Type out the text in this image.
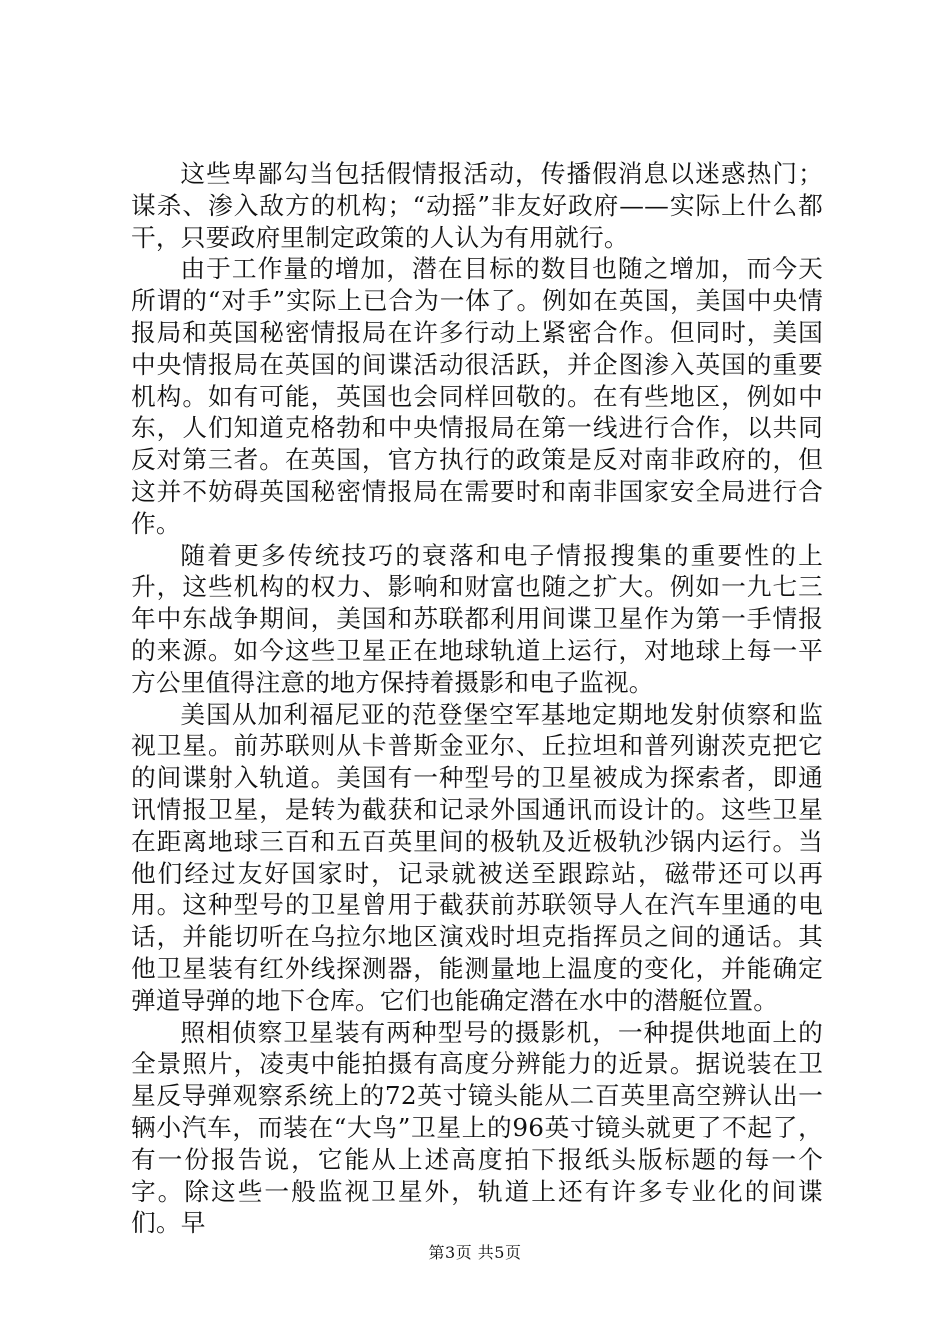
这些卑鄙勾当包括假情报活动，传播假消息以迷惑热门；谋杀、渗入敌方的机构；“动摇”非友好政府——实际上什么都干，只要政府里制定政策的人认为有用就行。

由于工作量的增加，潜在目标的数目也随之增加，而今天所谓的“对手”实际上已合为一体了。例如在英国，美国中央情报局和英国秘密情报局在许多行动上紧密合作。但同时，美国中央情报局在英国的间谍活动很活跃，并企图渗入英国的重要机构。如有可能，英国也会同样回敬的。在有些地区，例如中东，人们知道克格勃和中央情报局在第一线进行合作，以共同反对第三者。在英国，官方执行的政策是反对南非政府的，但这并不妨碍英国秘密情报局在需要时和南非国家安全局进行合作。

随着更多传统技巧的衰落和电子情报搜集的重要性的上升，这些机构的权力、影响和财富也随之扩大。例如一九七三年中东战争期间，美国和苏联都利用间谍卫星作为第一手情报的来源。如今这些卫星正在地球轨道上运行，对地球上每一平方公里值得注意的地方保持着摄影和电子监视。

美国从加利福尼亚的范登堡空军基地定期地发射侦察和监视卫星。前苏联则从卡普斯金亚尔、丘拉坦和普列谢茨克把它的间谍射入轨道。美国有一种型号的卫星被成为探索者，即通讯情报卫星，是转为截获和记录外国通讯而设计的。这些卫星在距离地球三百和五百英里间的极轨及近极轨沙锅内运行。当他们经过友好国家时，记录就被送至跟踪站，磁带还可以再用。这种型号的卫星曾用于截获前苏联领导人在汽车里通的电话，并能切听在乌拉尔地区演戏时坦克指挥员之间的通话。其他卫星装有红外线探测器，能测量地上温度的变化，并能确定弹道导弹的地下仓库。它们也能确定潜在水中的潜艇位置。

照相侦察卫星装有两种型号的摄影机，一种提供地面上的全景照片，凌夷中能拍摄有高度分辨能力的近景。据说装在卫星反导弹观察系统上的72英寸镜头能从二百英里高空辨认出一辆小汽车，而装在“大鸟”卫星上的96英寸镜头就更了不起了，有一份报告说，它能从上述高度拍下报纸头版标题的每一个字。除这些一般监视卫星外，轨道上还有许多专业化的间谍们。早

第3页 共5页
